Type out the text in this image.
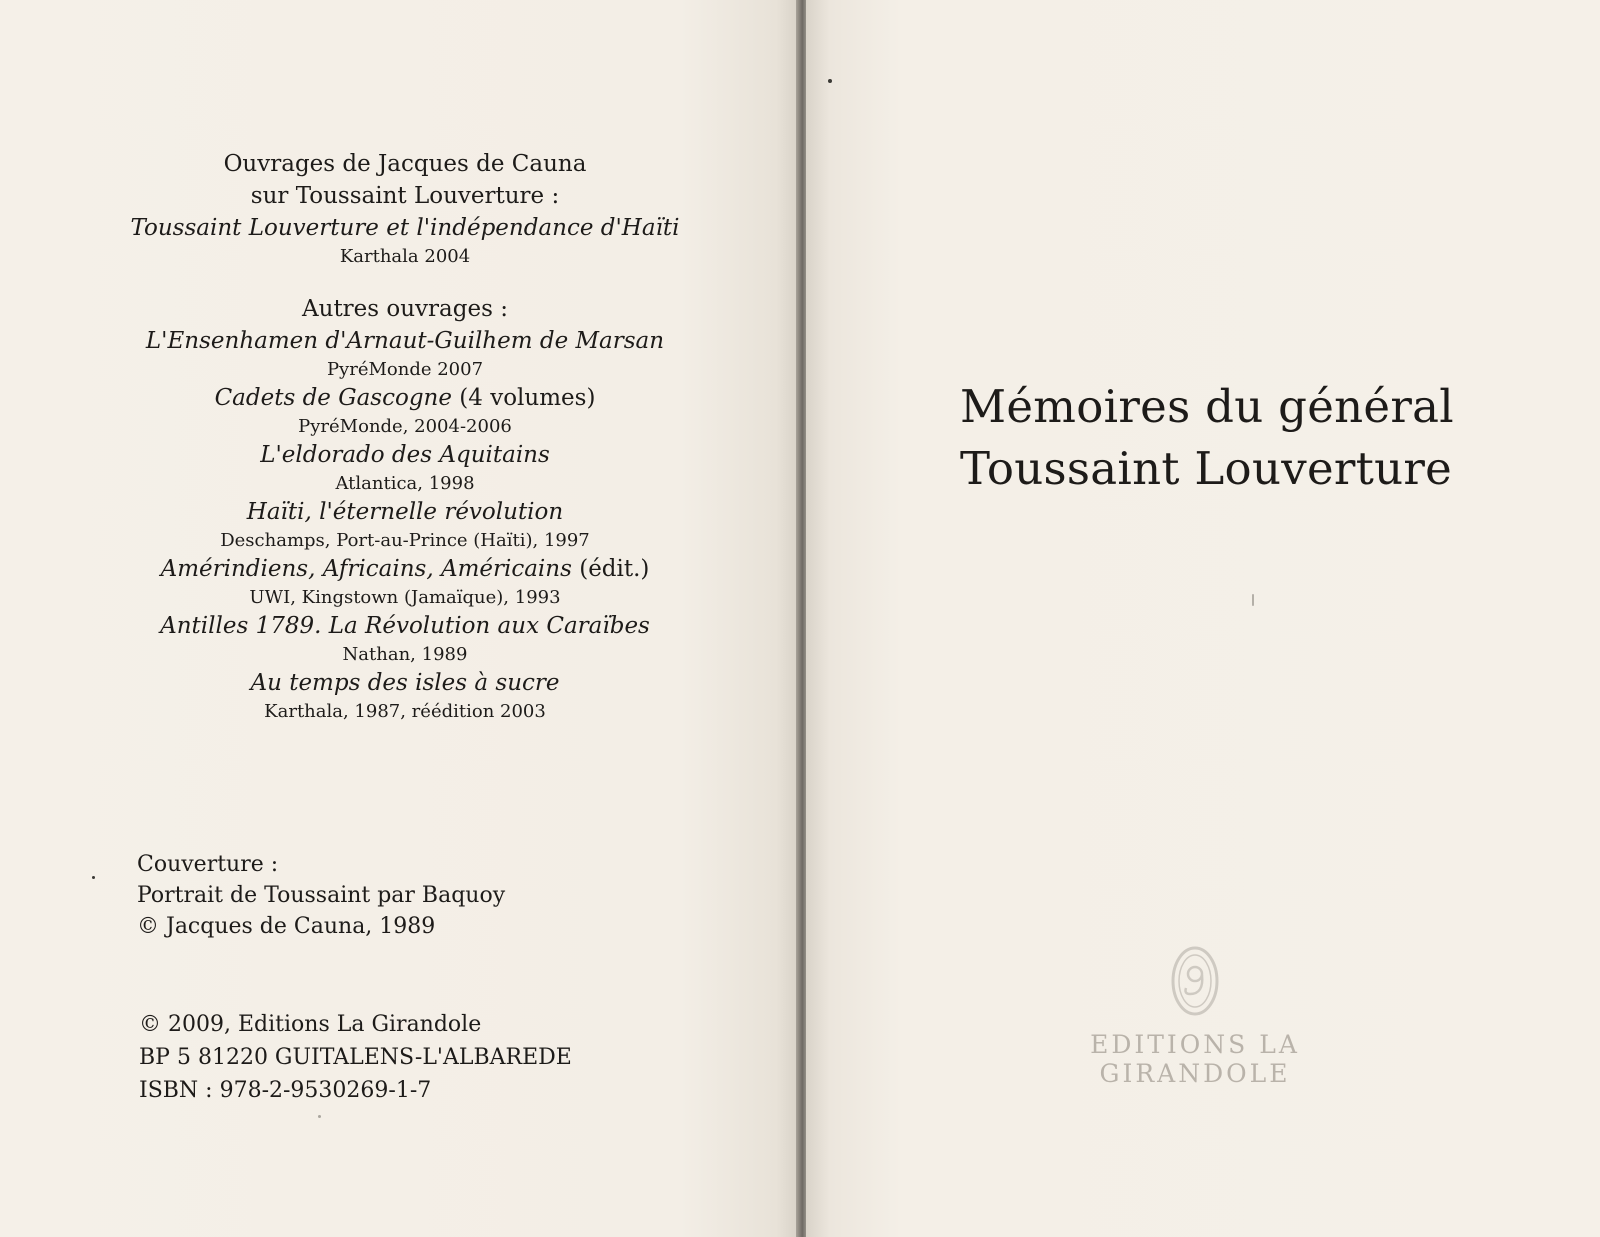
Ouvrages de Jacques de Cauna
sur Toussaint Louverture :
Toussaint Louverture et l'indépendance d'Haïti
Karthala 2004
Autres ouvrages :
L'Ensenhamen d'Arnaut-Guilhem de Marsan
PyréMonde 2007
Cadets de Gascogne (4 volumes)
PyréMonde, 2004-2006
L'eldorado des Aquitains
Atlantica, 1998
Haïti, l'éternelle révolution
Deschamps, Port-au-Prince (Haïti), 1997
Amérindiens, Africains, Américains (édit.)
UWI, Kingstown (Jamaïque), 1993
Antilles 1789. La Révolution aux Caraïbes
Nathan, 1989
Au temps des isles à sucre
Karthala, 1987, réédition 2003
Couverture :
Portrait de Toussaint par Baquoy
© Jacques de Cauna, 1989
© 2009, Editions La Girandole
BP 5 81220 GUITALENS-L'ALBAREDE
ISBN : 978-2-9530269-1-7
Mémoires du général
Toussaint Louverture
EDITIONS LA GIRANDOLE
